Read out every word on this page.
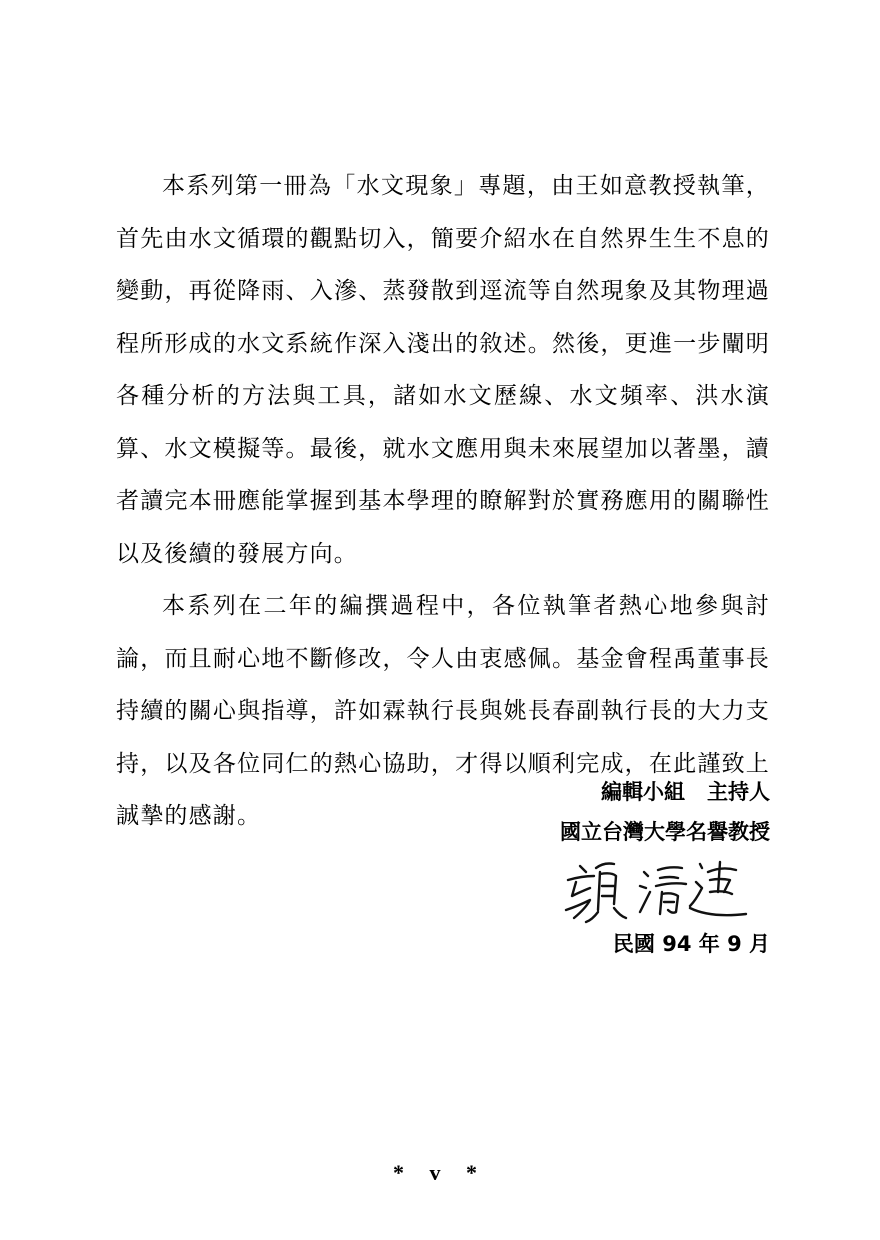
本系列第一冊為「水文現象」專題，由王如意教授執筆，首先由水文循環的觀點切入，簡要介紹水在自然界生生不息的變動，再從降雨、入滲、蒸發散到逕流等自然現象及其物理過程所形成的水文系統作深入淺出的敘述。然後，更進一步闡明各種分析的方法與工具，諸如水文歷線、水文頻率、洪水演算、水文模擬等。最後，就水文應用與未來展望加以著墨，讀者讀完本冊應能掌握到基本學理的瞭解對於實務應用的關聯性以及後續的發展方向。

本系列在二年的編撰過程中，各位執筆者熱心地參與討論，而且耐心地不斷修改，令人由衷感佩。基金會程禹董事長持續的關心與指導，許如霖執行長與姚長春副執行長的大力支持，以及各位同仁的熱心協助，才得以順利完成，在此謹致上誠摯的感謝。

編輯小組 主持人
國立台灣大學名譽教授
民國 94 年 9 月
* v *
